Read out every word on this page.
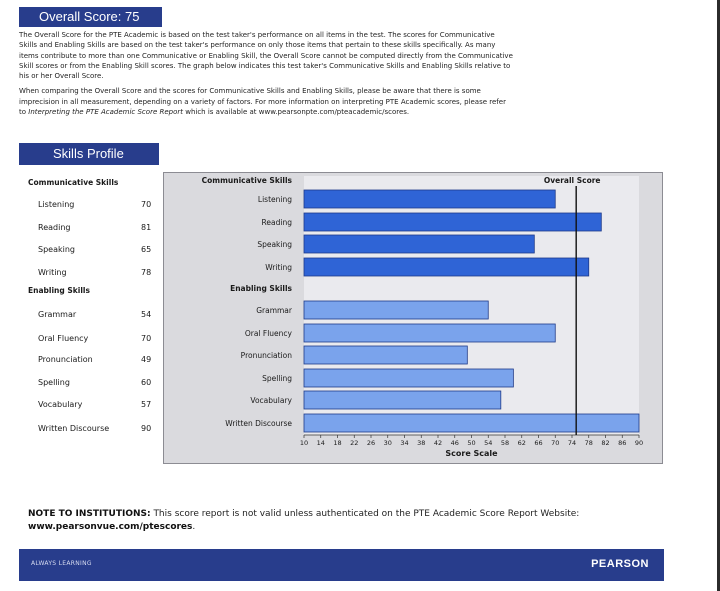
Overall Score: 75

The Overall Score for the PTE Academic is based on the test taker's performance on all items in the test. The scores for Communicative Skills and Enabling Skills are based on the test taker's performance on only those items that pertain to these skills specifically. As many items contribute to more than one Communicative or Enabling Skill, the Overall Score cannot be computed directly from the Communicative Skill scores or from the Enabling Skill scores. The graph below indicates this test taker's Communicative Skills and Enabling Skills relative to his or her Overall Score.

When comparing the Overall Score and the scores for Communicative Skills and Enabling Skills, please be aware that there is some imprecision in all measurement, depending on a variety of factors. For more information on interpreting PTE Academic scores, please refer to Interpreting the PTE Academic Score Report which is available at www.pearsonpte.com/pteacademic/scores.

Skills Profile
Communicative Skills
Enabling Skills
Listening	70
Reading	81
Speaking	65
Writing	78
Grammar	54
Oral Fluency	70
Pronunciation	49
Spelling	60
Vocabulary	57
Written Discourse	90
Communicative Skills
Listening
Reading
Speaking
Writing
Enabling Skills
Grammar
Oral Fluency
Pronunciation
Spelling
Vocabulary
Written Discourse
10 14 18 22 26 30 34 38 42 46 50 54 58 62 66 70 74 78 82 86 90
Score Scale
Overall Score
NOTE TO INSTITUTIONS: This score report is not valid unless authenticated on the PTE Academic Score Report Website: www.pearsonvue.com/ptescores.
ALWAYS LEARNING	PEARSON
